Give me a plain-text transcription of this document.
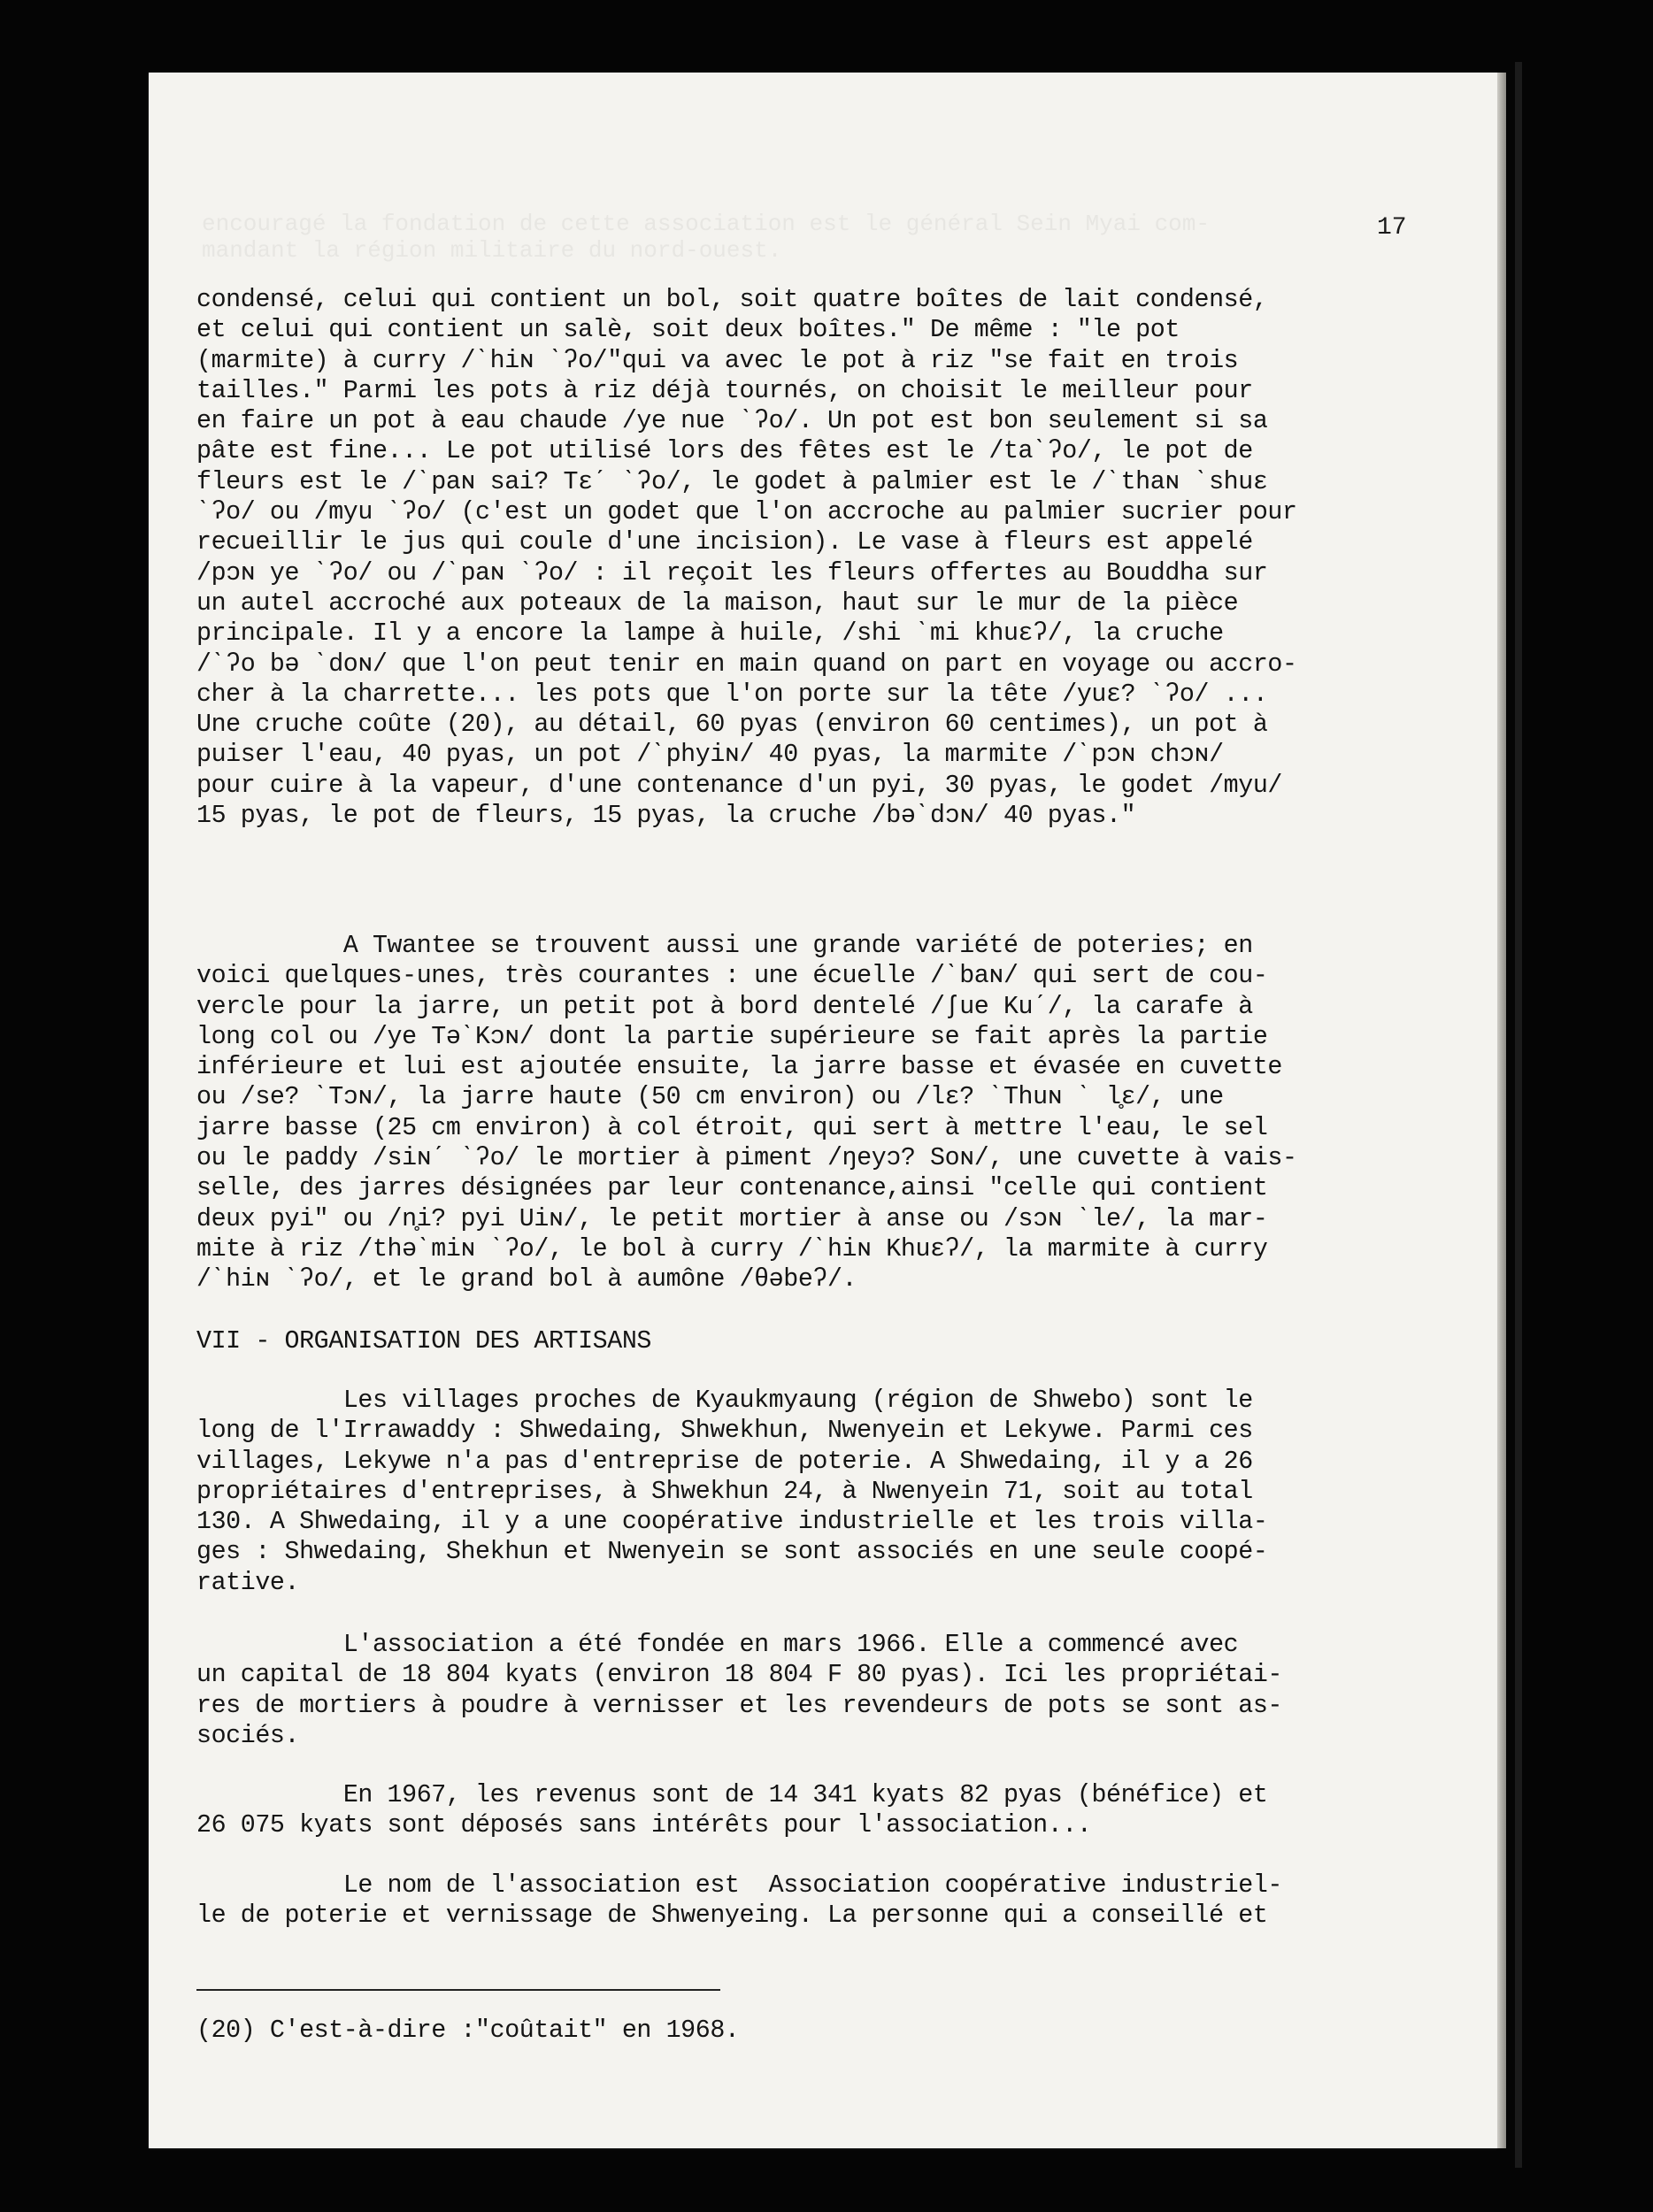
encouragé la fondation de cette association est le général Sein Myai com-
mandant la région militaire du nord-ouest.
17
condensé, celui qui contient un bol, soit quatre boîtes de lait condensé,
et celui qui contient un salè, soit deux boîtes." De même : "le pot
(marmite) à curry /ˋhiɴ ˋʔo/"qui va avec le pot à riz "se fait en trois
tailles." Parmi les pots à riz déjà tournés, on choisit le meilleur pour
en faire un pot à eau chaude /ye nue ˋʔo/. Un pot est bon seulement si sa
pâte est fine... Le pot utilisé lors des fêtes est le /taˋʔo/, le pot de
fleurs est le /ˋpaɴ sai? Tɛˊ ˋʔo/, le godet à palmier est le /ˋthaɴ ˋshuɛ
ˋʔo/ ou /myu ˋʔo/ (c'est un godet que l'on accroche au palmier sucrier pour
recueillir le jus qui coule d'une incision). Le vase à fleurs est appelé
/pɔɴ ye ˋʔo/ ou /ˋpaɴ ˋʔo/ : il reçoit les fleurs offertes au Bouddha sur
un autel accroché aux poteaux de la maison, haut sur le mur de la pièce
principale. Il y a encore la lampe à huile, /shi ˋmi khuɛʔ/, la cruche
/ˋʔo bə ˋdoɴ/ que l'on peut tenir en main quand on part en voyage ou accro-
cher à la charrette... les pots que l'on porte sur la tête /yuɛ? ˋʔo/ ...
Une cruche coûte (20), au détail, 60 pyas (environ 60 centimes), un pot à
puiser l'eau, 40 pyas, un pot /ˋphyiɴ/ 40 pyas, la marmite /ˋpɔɴ chɔɴ/
pour cuire à la vapeur, d'une contenance d'un pyi, 30 pyas, le godet /myu/
15 pyas, le pot de fleurs, 15 pyas, la cruche /bəˋdɔɴ/ 40 pyas."
A Twantee se trouvent aussi une grande variété de poteries; en
voici quelques-unes, très courantes : une écuelle /ˋbaɴ/ qui sert de cou-
vercle pour la jarre, un petit pot à bord dentelé /ʃue Kuˊ/, la carafe à
long col ou /ye TəˋKɔɴ/ dont la partie supérieure se fait après la partie
inférieure et lui est ajoutée ensuite, la jarre basse et évasée en cuvette
ou /se? ˋTɔɴ/, la jarre haute (50 cm environ) ou /lɛ? ˋThuɴ ˋ l̥ɛ/, une
jarre basse (25 cm environ) à col étroit, qui sert à mettre l'eau, le sel
ou le paddy /siɴˊ ˋʔo/ le mortier à piment /ŋeyɔ? Soɴ/, une cuvette à vais-
selle, des jarres désignées par leur contenance,ainsi "celle qui contient
deux pyi" ou /n̥i? pyi Uiɴ/, le petit mortier à anse ou /sɔɴ ˋle/, la mar-
mite à riz /thəˋmiɴ ˋʔo/, le bol à curry /ˋhiɴ Khuɛʔ/, la marmite à curry
/ˋhiɴ ˋʔo/, et le grand bol à aumône /θəbeʔ/.
VII - ORGANISATION DES ARTISANS
Les villages proches de Kyaukmyaung (région de Shwebo) sont le
long de l'Irrawaddy : Shwedaing, Shwekhun, Nwenyein et Lekywe. Parmi ces
villages, Lekywe n'a pas d'entreprise de poterie. A Shwedaing, il y a 26
propriétaires d'entreprises, à Shwekhun 24, à Nwenyein 71, soit au total
130. A Shwedaing, il y a une coopérative industrielle et les trois villa-
ges : Shwedaing, Shekhun et Nwenyein se sont associés en une seule coopé-
rative.
L'association a été fondée en mars 1966. Elle a commencé avec
un capital de 18 804 kyats (environ 18 804 F 80 pyas). Ici les propriétai-
res de mortiers à poudre à vernisser et les revendeurs de pots se sont as-
sociés.
En 1967, les revenus sont de 14 341 kyats 82 pyas (bénéfice) et
26 075 kyats sont déposés sans intérêts pour l'association...
Le nom de l'association est  Association coopérative industriel-
le de poterie et vernissage de Shwenyeing. La personne qui a conseillé et
(20) C'est-à-dire :"coûtait" en 1968.
